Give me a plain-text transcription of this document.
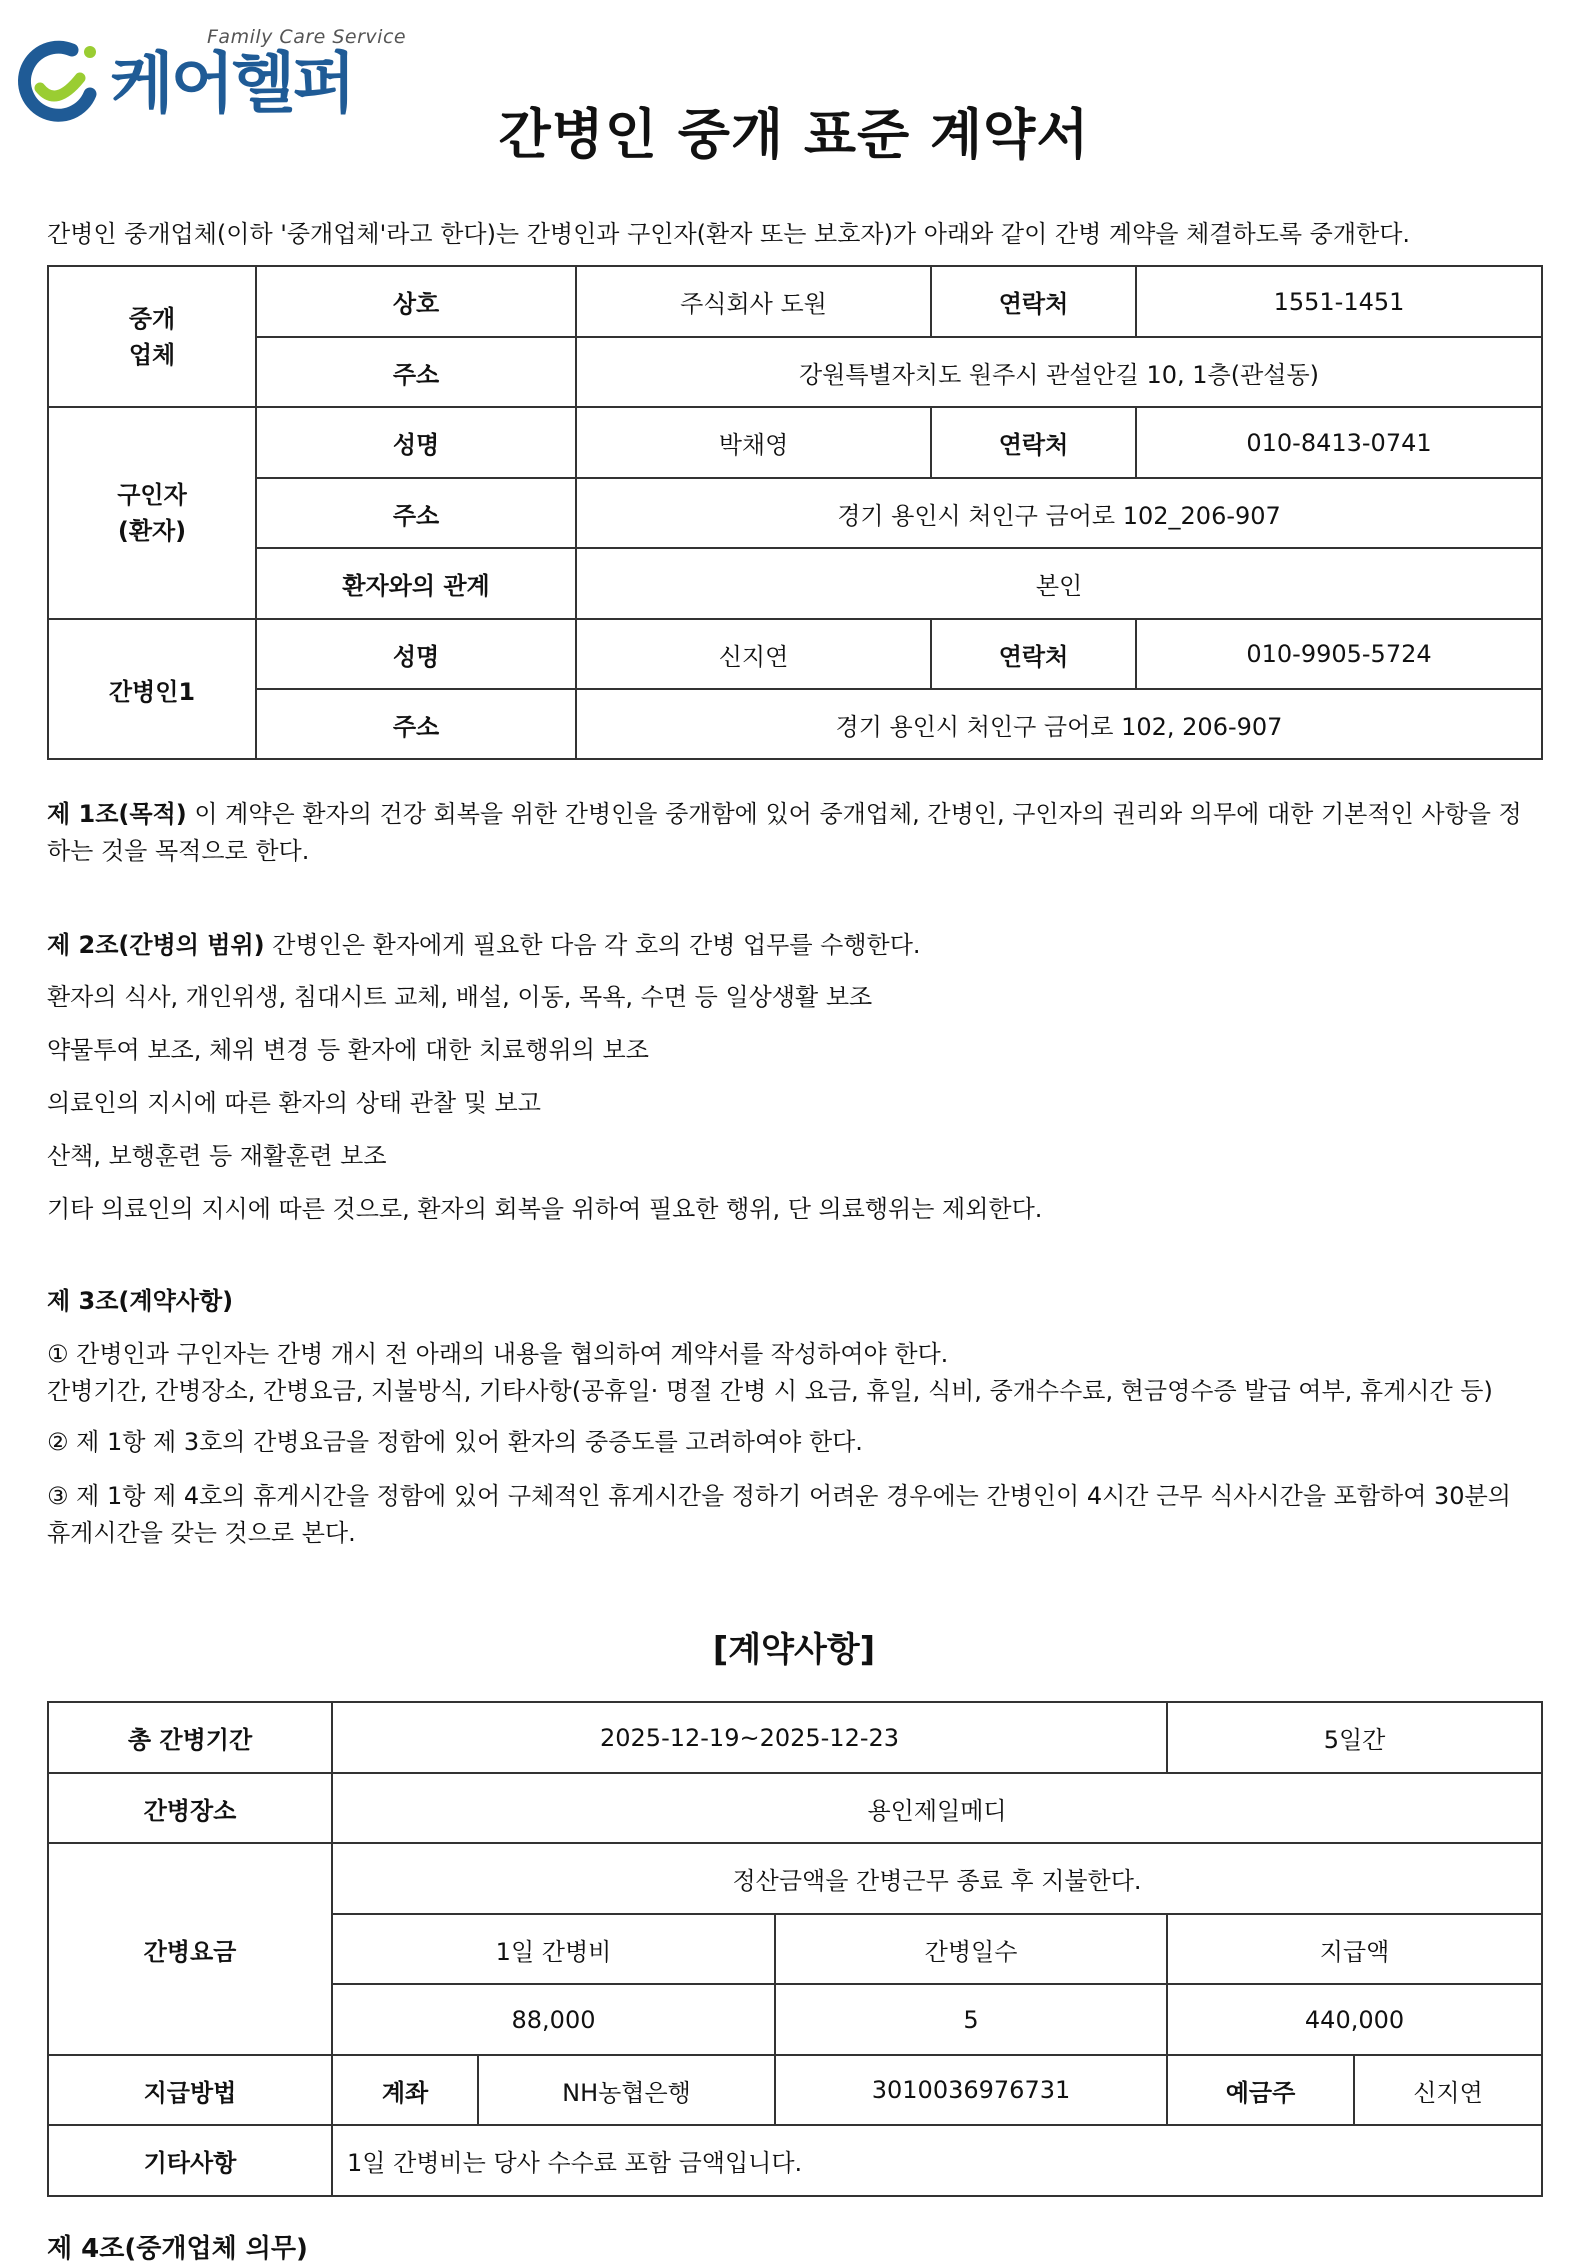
Family Care Service
케어헬퍼
간병인 중개 표준 계약서

간병인 중개업체(이하 '중개업체'라고 한다)는 간병인과 구인자(환자 또는 보호자)가 아래와 같이 간병 계약을 체결하도록 중개한다.

중개
업체	상호	주식회사 도원	연락처	1551-1451
	주소	강원특별자치도 원주시 관설안길 10, 1층(관설동)		

구인자
(환자)	성명	박채영	연락처	010-8413-0741
	주소	경기 용인시 처인구 금어로 102_206-907		
	환자와의 관계	본인		
간병인1	성명	신지연	연락처	010-9905-5724
	주소	경기 용인시 처인구 금어로 102, 206-907		

제 1조(목적) 이 계약은 환자의 건강 회복을 위한 간병인을 중개함에 있어 중개업체, 간병인, 구인자의 권리와 의무에 대한 기본적인 사항을 정하는 것을 목적으로 한다.

제 2조(간병의 범위) 간병인은 환자에게 필요한 다음 각 호의 간병 업무를 수행한다.

환자의 식사, 개인위생, 침대시트 교체, 배설, 이동, 목욕, 수면 등 일상생활 보조

약물투여 보조, 체위 변경 등 환자에 대한 치료행위의 보조

의료인의 지시에 따른 환자의 상태 관찰 및 보고

산책, 보행훈련 등 재활훈련 보조

기타 의료인의 지시에 따른 것으로, 환자의 회복을 위하여 필요한 행위, 단 의료행위는 제외한다.

제 3조(계약사항)

① 간병인과 구인자는 간병 개시 전 아래의 내용을 협의하여 계약서를 작성하여야 한다.
간병기간, 간병장소, 간병요금, 지불방식, 기타사항(공휴일· 명절 간병 시 요금, 휴일, 식비, 중개수수료, 현금영수증 발급 여부, 휴게시간 등)

② 제 1항 제 3호의 간병요금을 정함에 있어 환자의 중증도를 고려하여야 한다.

③ 제 1항 제 4호의 휴게시간을 정함에 있어 구체적인 휴게시간을 정하기 어려운 경우에는 간병인이 4시간 근무 식사시간을 포함하여 30분의 휴게시간을 갖는 것으로 본다.

[계약사항]
총 간병기간	2025-12-19~2025-12-23			5일간	
간병장소	용인제일메디				
간병요금	정산금액을 간병근무 종료 후 지불한다.				
	1일 간병비		간병일수	지급액	
	88,000		5	440,000	
지급방법	계좌	NH농협은행	3010036976731	예금주	신지연
기타사항	1일 간병비는 당사 수수료 포함 금액입니다.				

제 4조(중개업체 의무)
